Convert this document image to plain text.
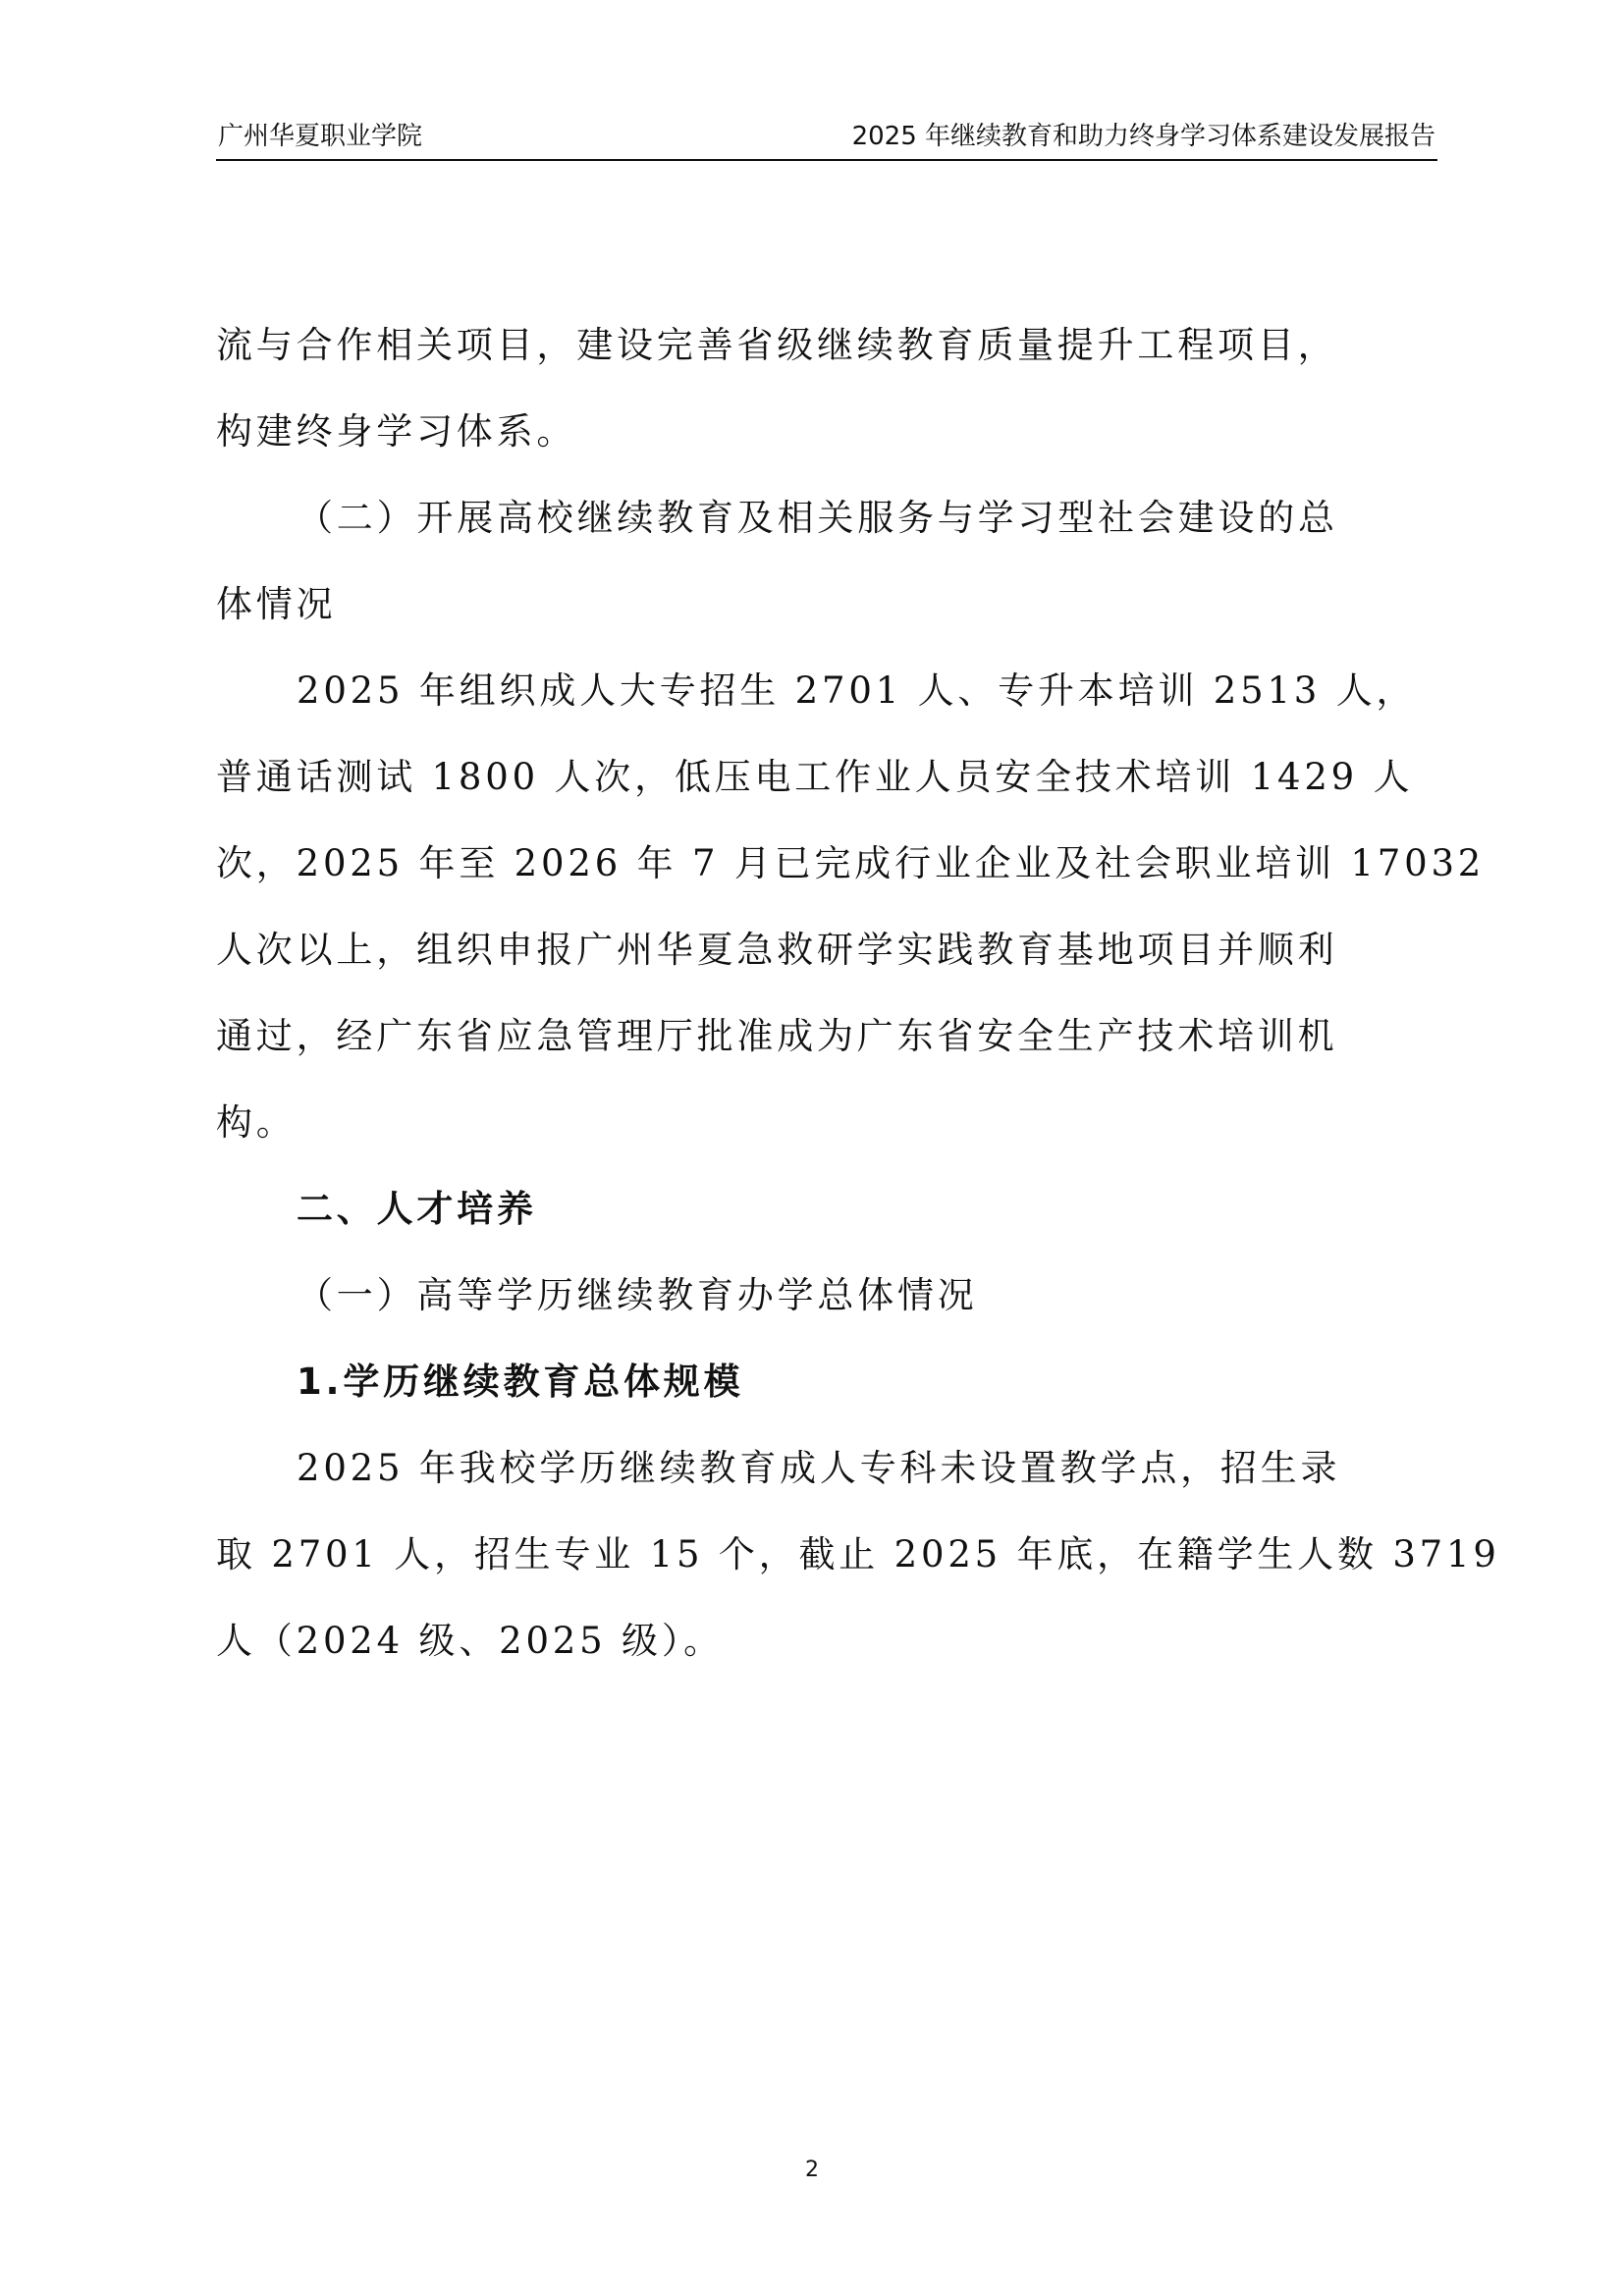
广州华夏职业学院	2025 年继续教育和助力终身学习体系建设发展报告

流与合作相关项目，建设完善省级继续教育质量提升工程项目，

构建终身学习体系。

（二）开展高校继续教育及相关服务与学习型社会建设的总

体情况

2025 年组织成人大专招生 2701 人、专升本培训 2513 人，

普通话测试 1800 人次，低压电工作业人员安全技术培训 1429 人

次，2025 年至 2026 年 7 月已完成行业企业及社会职业培训 17032

人次以上，组织申报广州华夏急救研学实践教育基地项目并顺利

通过，经广东省应急管理厅批准成为广东省安全生产技术培训机

构。

二、人才培养

（一）高等学历继续教育办学总体情况

1.学历继续教育总体规模

2025 年我校学历继续教育成人专科未设置教学点，招生录

取 2701 人，招生专业 15 个，截止 2025 年底，在籍学生人数 3719

人（2024 级、2025 级）。

2
